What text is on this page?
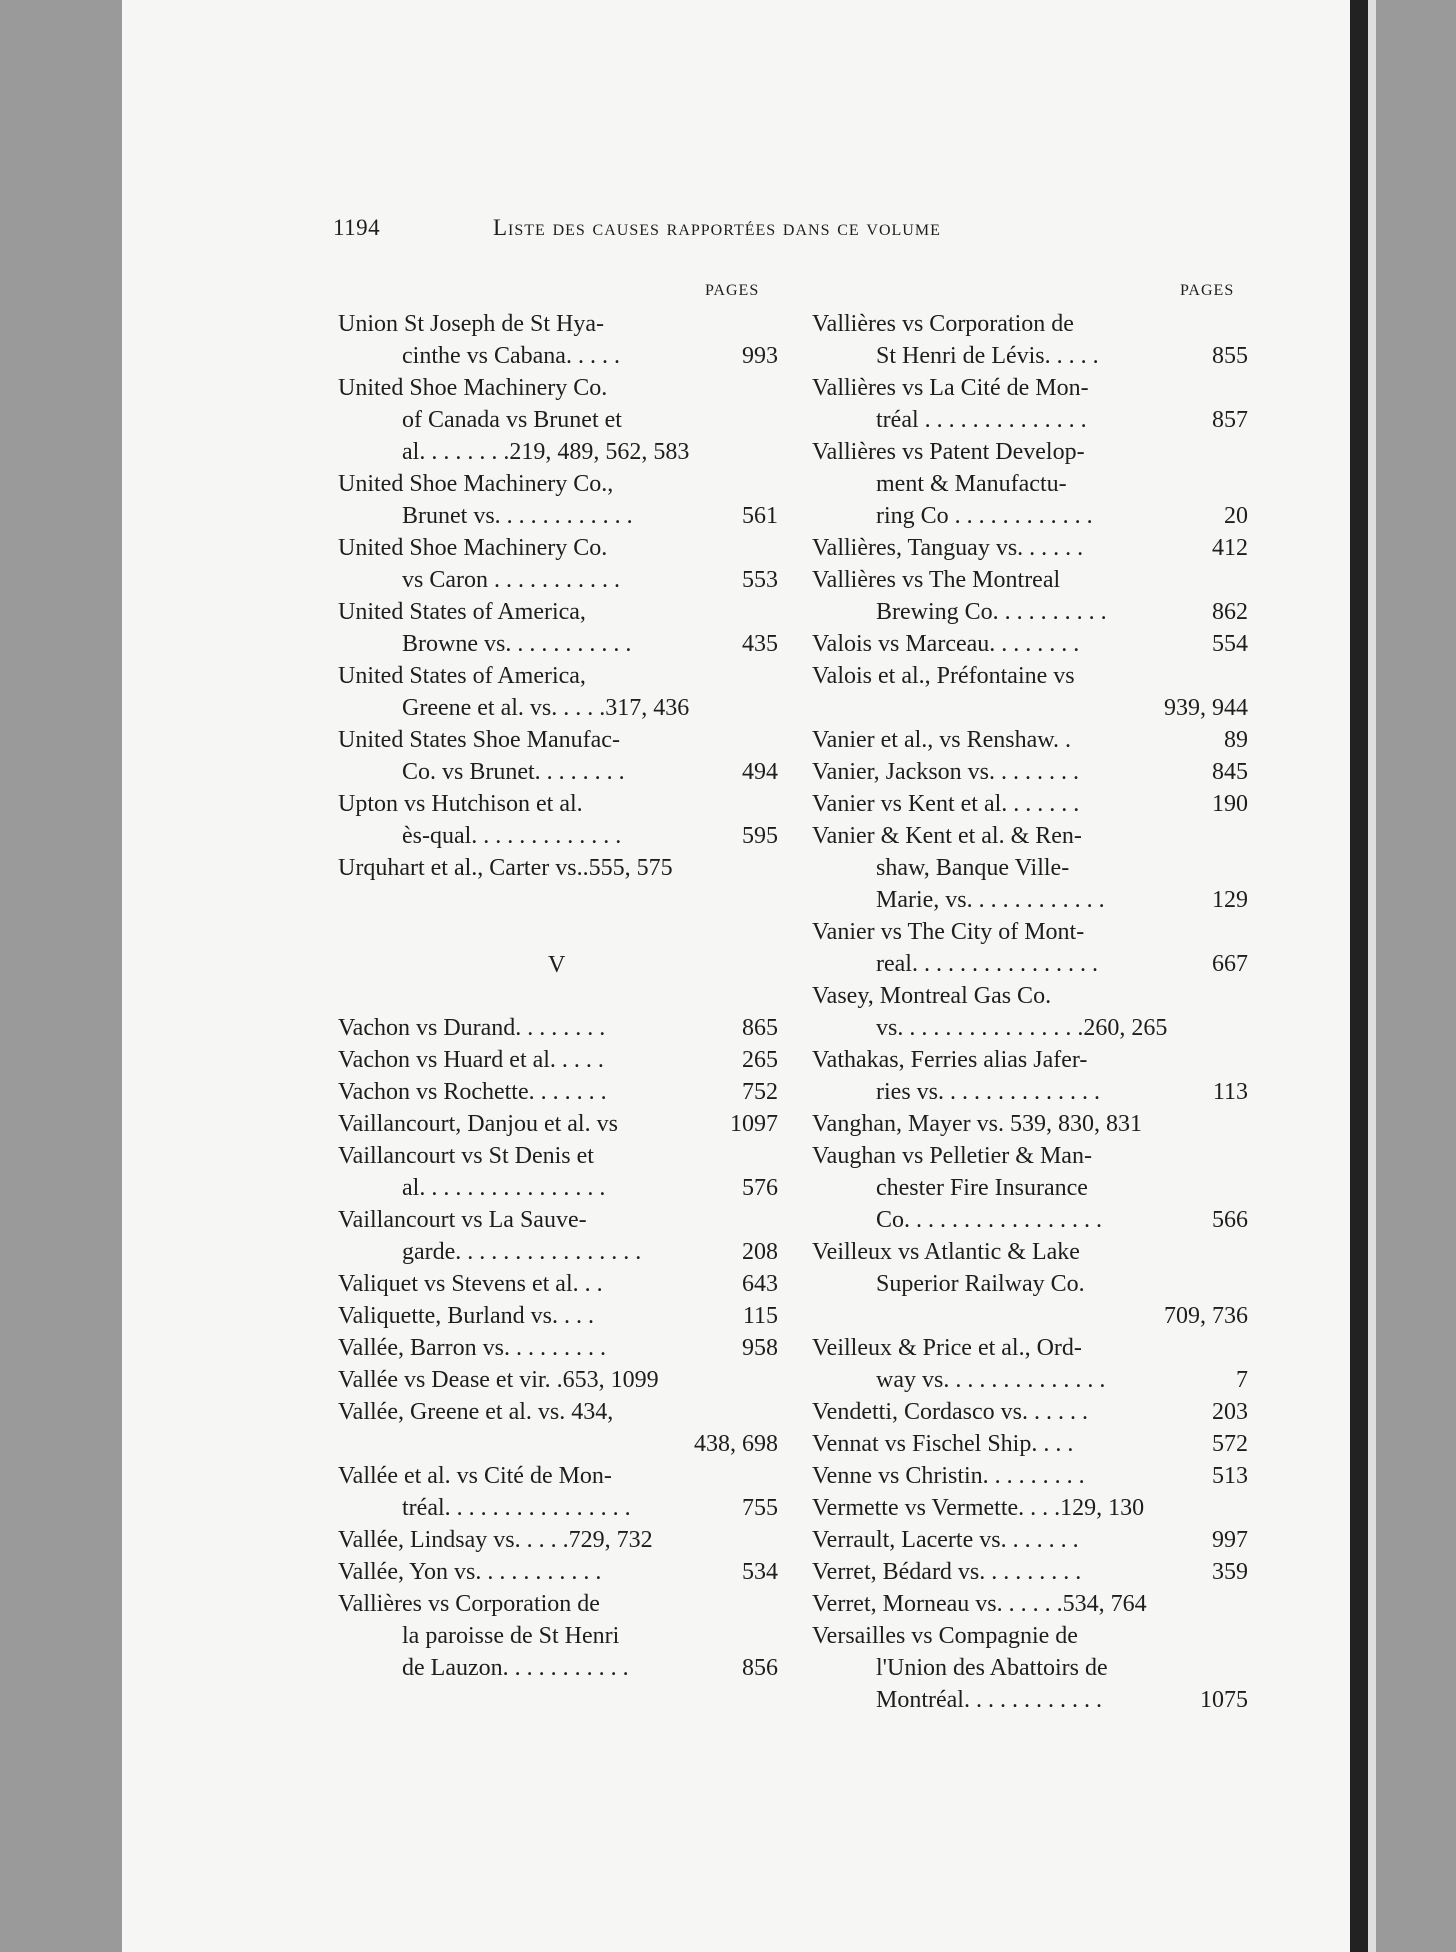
1194	Liste des causes rapportées dans ce volume
PAGES	PAGES
Union St Joseph de St Hya-
cinthe vs Cabana. . . . .	993
United Shoe Machinery Co.
of Canada vs Brunet et
al. . . . . . . .219, 489, 562, 583
United Shoe Machinery Co.,
Brunet vs. . . . . . . . . . . .	561
United Shoe Machinery Co.
vs Caron . . . . . . . . . . .	553
United States of America,
Browne vs. . . . . . . . . . .	435
United States of America,
Greene et al. vs. . . . .317, 436
United States Shoe Manufac-
Co. vs Brunet. . . . . . . .	494
Upton vs Hutchison et al.
ès-qual. . . . . . . . . . . . .	595
Urquhart et al., Carter vs..555, 575
Vachon vs Durand. . . . . . . .	865
Vachon vs Huard et al. . . . .	265
Vachon vs Rochette. . . . . . .	752
Vaillancourt, Danjou et al. vs	1097
Vaillancourt vs St Denis et
al. . . . . . . . . . . . . . . .	576
Vaillancourt vs La Sauve-
garde. . . . . . . . . . . . . . . .	208
Valiquet vs Stevens et al. . .	643
Valiquette, Burland vs. . . .	115
Vallée, Barron vs. . . . . . . . .	958
Vallée vs Dease et vir. .653, 1099
Vallée, Greene et al. vs. 434,
438, 698
Vallée et al. vs Cité de Mon-
tréal. . . . . . . . . . . . . . . .	755
Vallée, Lindsay vs. . . . .729, 732
Vallée, Yon vs. . . . . . . . . . .	534
Vallières vs Corporation de
la paroisse de St Henri
de Lauzon. . . . . . . . . . .	856
V
Vallières vs Corporation de
St Henri de Lévis. . . . .	855
Vallières vs La Cité de Mon-
tréal . . . . . . . . . . . . . .	857
Vallières vs Patent Develop-
ment & Manufactu-
ring Co . . . . . . . . . . . .	20
Vallières, Tanguay vs. . . . . .	412
Vallières vs The Montreal
Brewing Co. . . . . . . . . .	862
Valois vs Marceau. . . . . . . .	554
Valois et al., Préfontaine vs
939, 944
Vanier et al., vs Renshaw. .	89
Vanier, Jackson vs. . . . . . . .	845
Vanier vs Kent et al. . . . . . .	190
Vanier & Kent et al. & Ren-
shaw, Banque Ville-
Marie, vs. . . . . . . . . . . .	129
Vanier vs The City of Mont-
real. . . . . . . . . . . . . . . .	667
Vasey, Montreal Gas Co.
vs. . . . . . . . . . . . . . . .260, 265
Vathakas, Ferries alias Jafer-
ries vs. . . . . . . . . . . . . .	113
Vanghan, Mayer vs. 539, 830, 831
Vaughan vs Pelletier & Man-
chester Fire Insurance
Co. . . . . . . . . . . . . . . . .	566
Veilleux vs Atlantic & Lake
Superior Railway Co.
709, 736
Veilleux & Price et al., Ord-
way vs. . . . . . . . . . . . . .	7
Vendetti, Cordasco vs. . . . . .	203
Vennat vs Fischel Ship. . . .	572
Venne vs Christin. . . . . . . . .	513
Vermette vs Vermette. . . .129, 130
Verrault, Lacerte vs. . . . . . .	997
Verret, Bédard vs. . . . . . . . .	359
Verret, Morneau vs. . . . . .534, 764
Versailles vs Compagnie de
l'Union des Abattoirs de
Montréal. . . . . . . . . . . .	1075
